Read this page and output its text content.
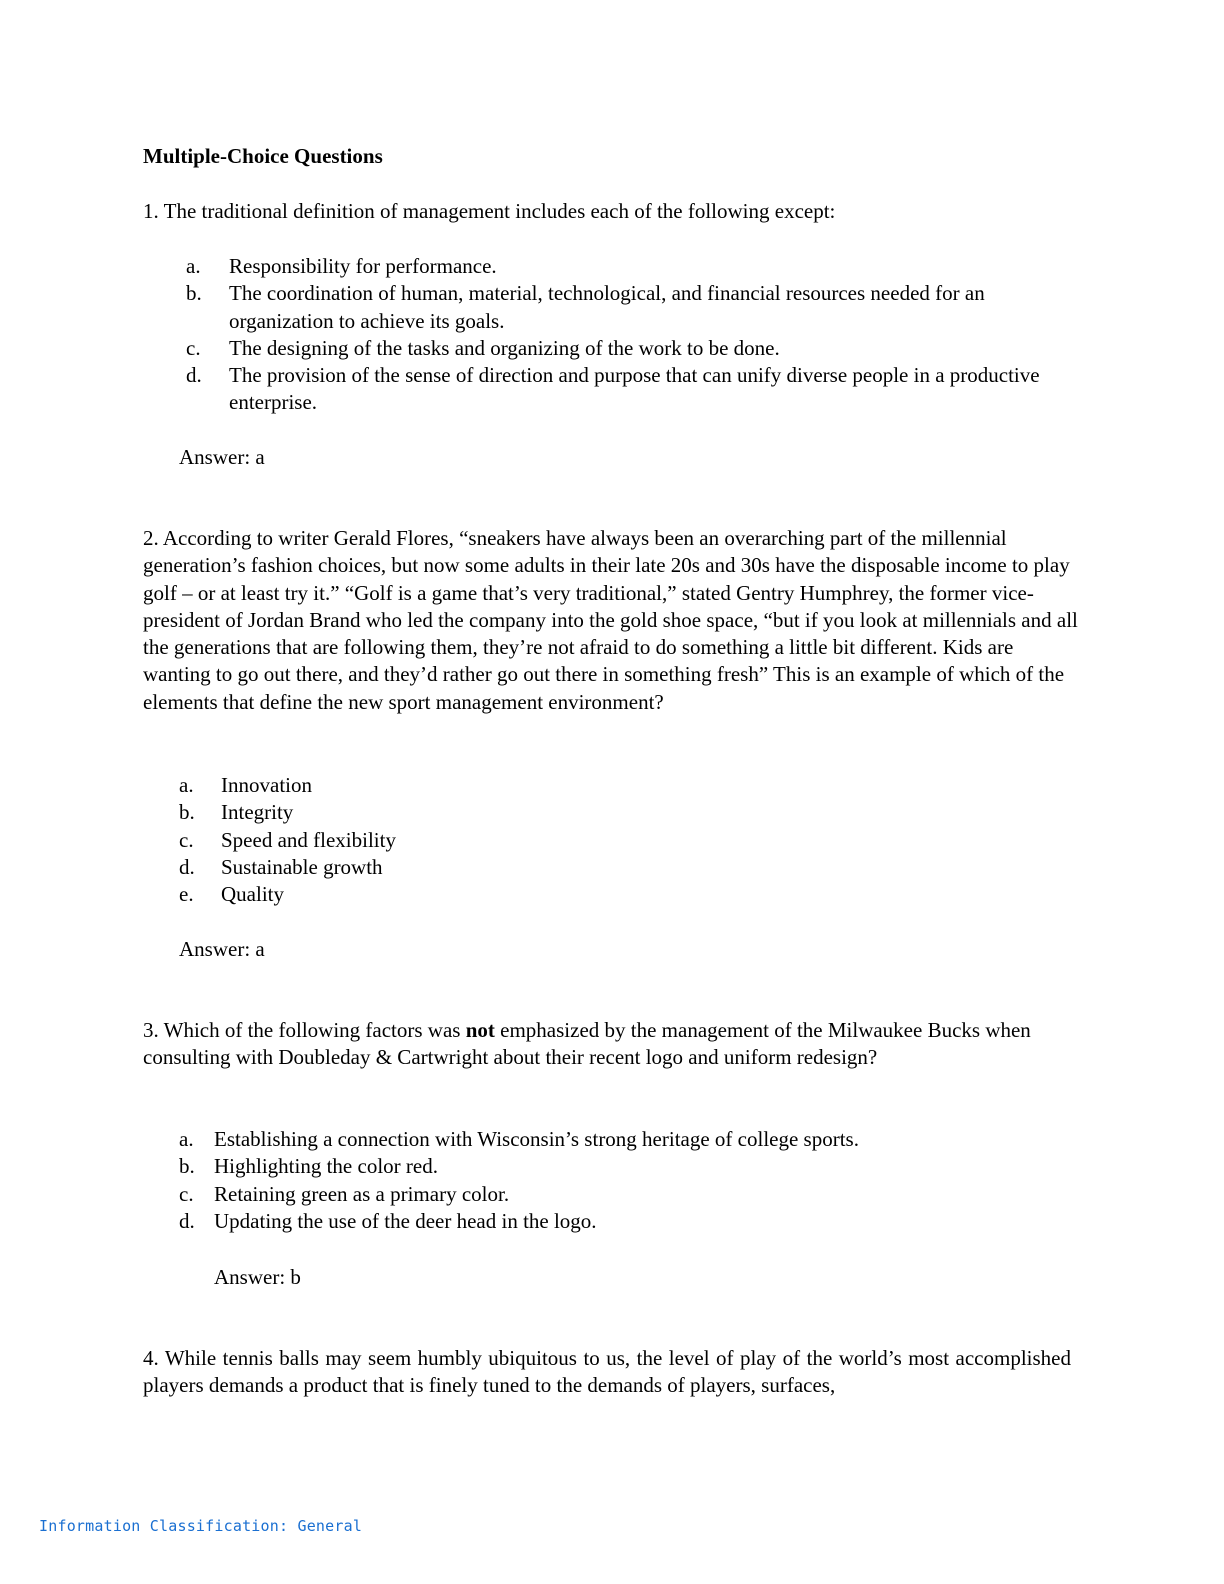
Multiple-Choice Questions
1. The traditional definition of management includes each of the following except:
a.	Responsibility for performance.
b.	The coordination of human, material, technological, and financial resources needed for an organization to achieve its goals.
c.	The designing of the tasks and organizing of the work to be done.
d.	The provision of the sense of direction and purpose that can unify diverse people in a productive enterprise.
Answer: a
2. According to writer Gerald Flores, “sneakers have always been an overarching part of the millennial generation’s fashion choices, but now some adults in their late 20s and 30s have the disposable income to play golf – or at least try it.” “Golf is a game that’s very traditional,” stated Gentry Humphrey, the former vice-president of Jordan Brand who led the company into the gold shoe space, “but if you look at millennials and all the generations that are following them, they’re not afraid to do something a little bit different. Kids are wanting to go out there, and they’d rather go out there in something fresh” This is an example of which of the elements that define the new sport management environment?
a.	Innovation
b.	Integrity
c.	Speed and flexibility
d.	Sustainable growth
e.	Quality
Answer: a
3. Which of the following factors was not emphasized by the management of the Milwaukee Bucks when consulting with Doubleday & Cartwright about their recent logo and uniform redesign?
a. Establishing a connection with Wisconsin’s strong heritage of college sports.
b. Highlighting the color red.
c. Retaining green as a primary color.
d. Updating the use of the deer head in the logo.
Answer: b
4. While tennis balls may seem humbly ubiquitous to us, the level of play of the world’s most accomplished players demands a product that is finely tuned to the demands of players, surfaces,
Information Classification: General
